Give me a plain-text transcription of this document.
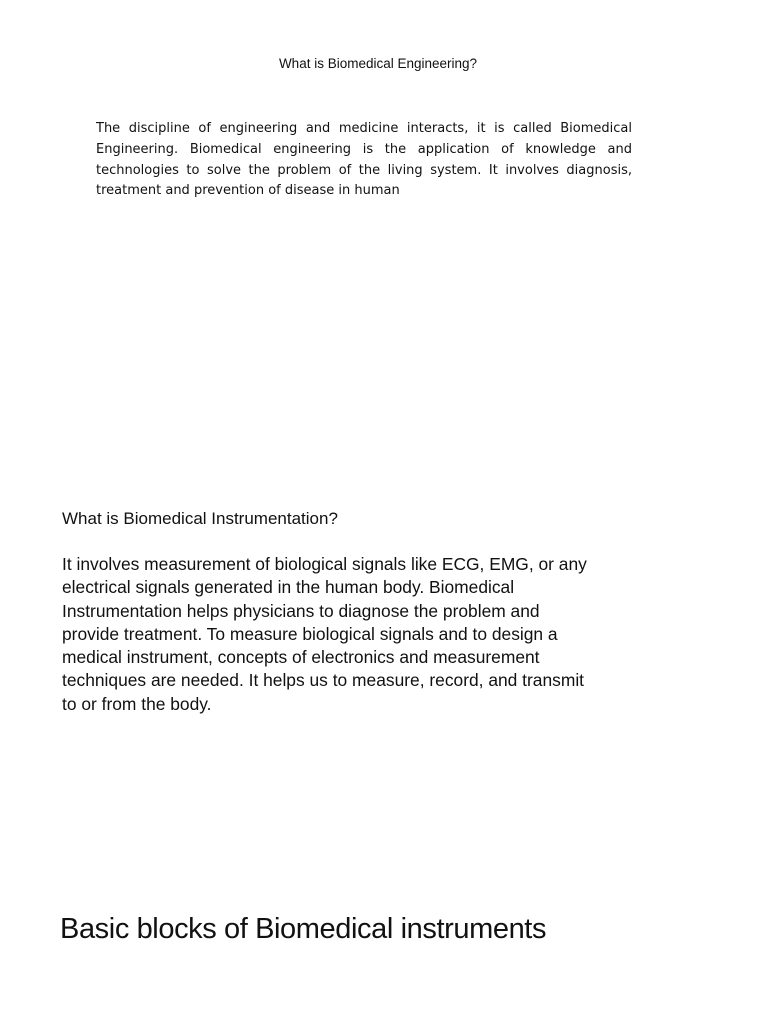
What is Biomedical Engineering?
The discipline of engineering and medicine interacts, it is called Biomedical Engineering. Biomedical engineering is the application of knowledge and technologies to solve the problem of the living system. It involves diagnosis, treatment and prevention of disease in human
What is Biomedical Instrumentation?
It involves measurement of biological signals like ECG, EMG, or any
electrical signals generated in the human body. Biomedical
Instrumentation helps physicians to diagnose the problem and
provide treatment. To measure biological signals and to design a
medical instrument, concepts of electronics and measurement
techniques are needed. It helps us to measure, record, and transmit
to or from the body.
Basic blocks of Biomedical instruments
